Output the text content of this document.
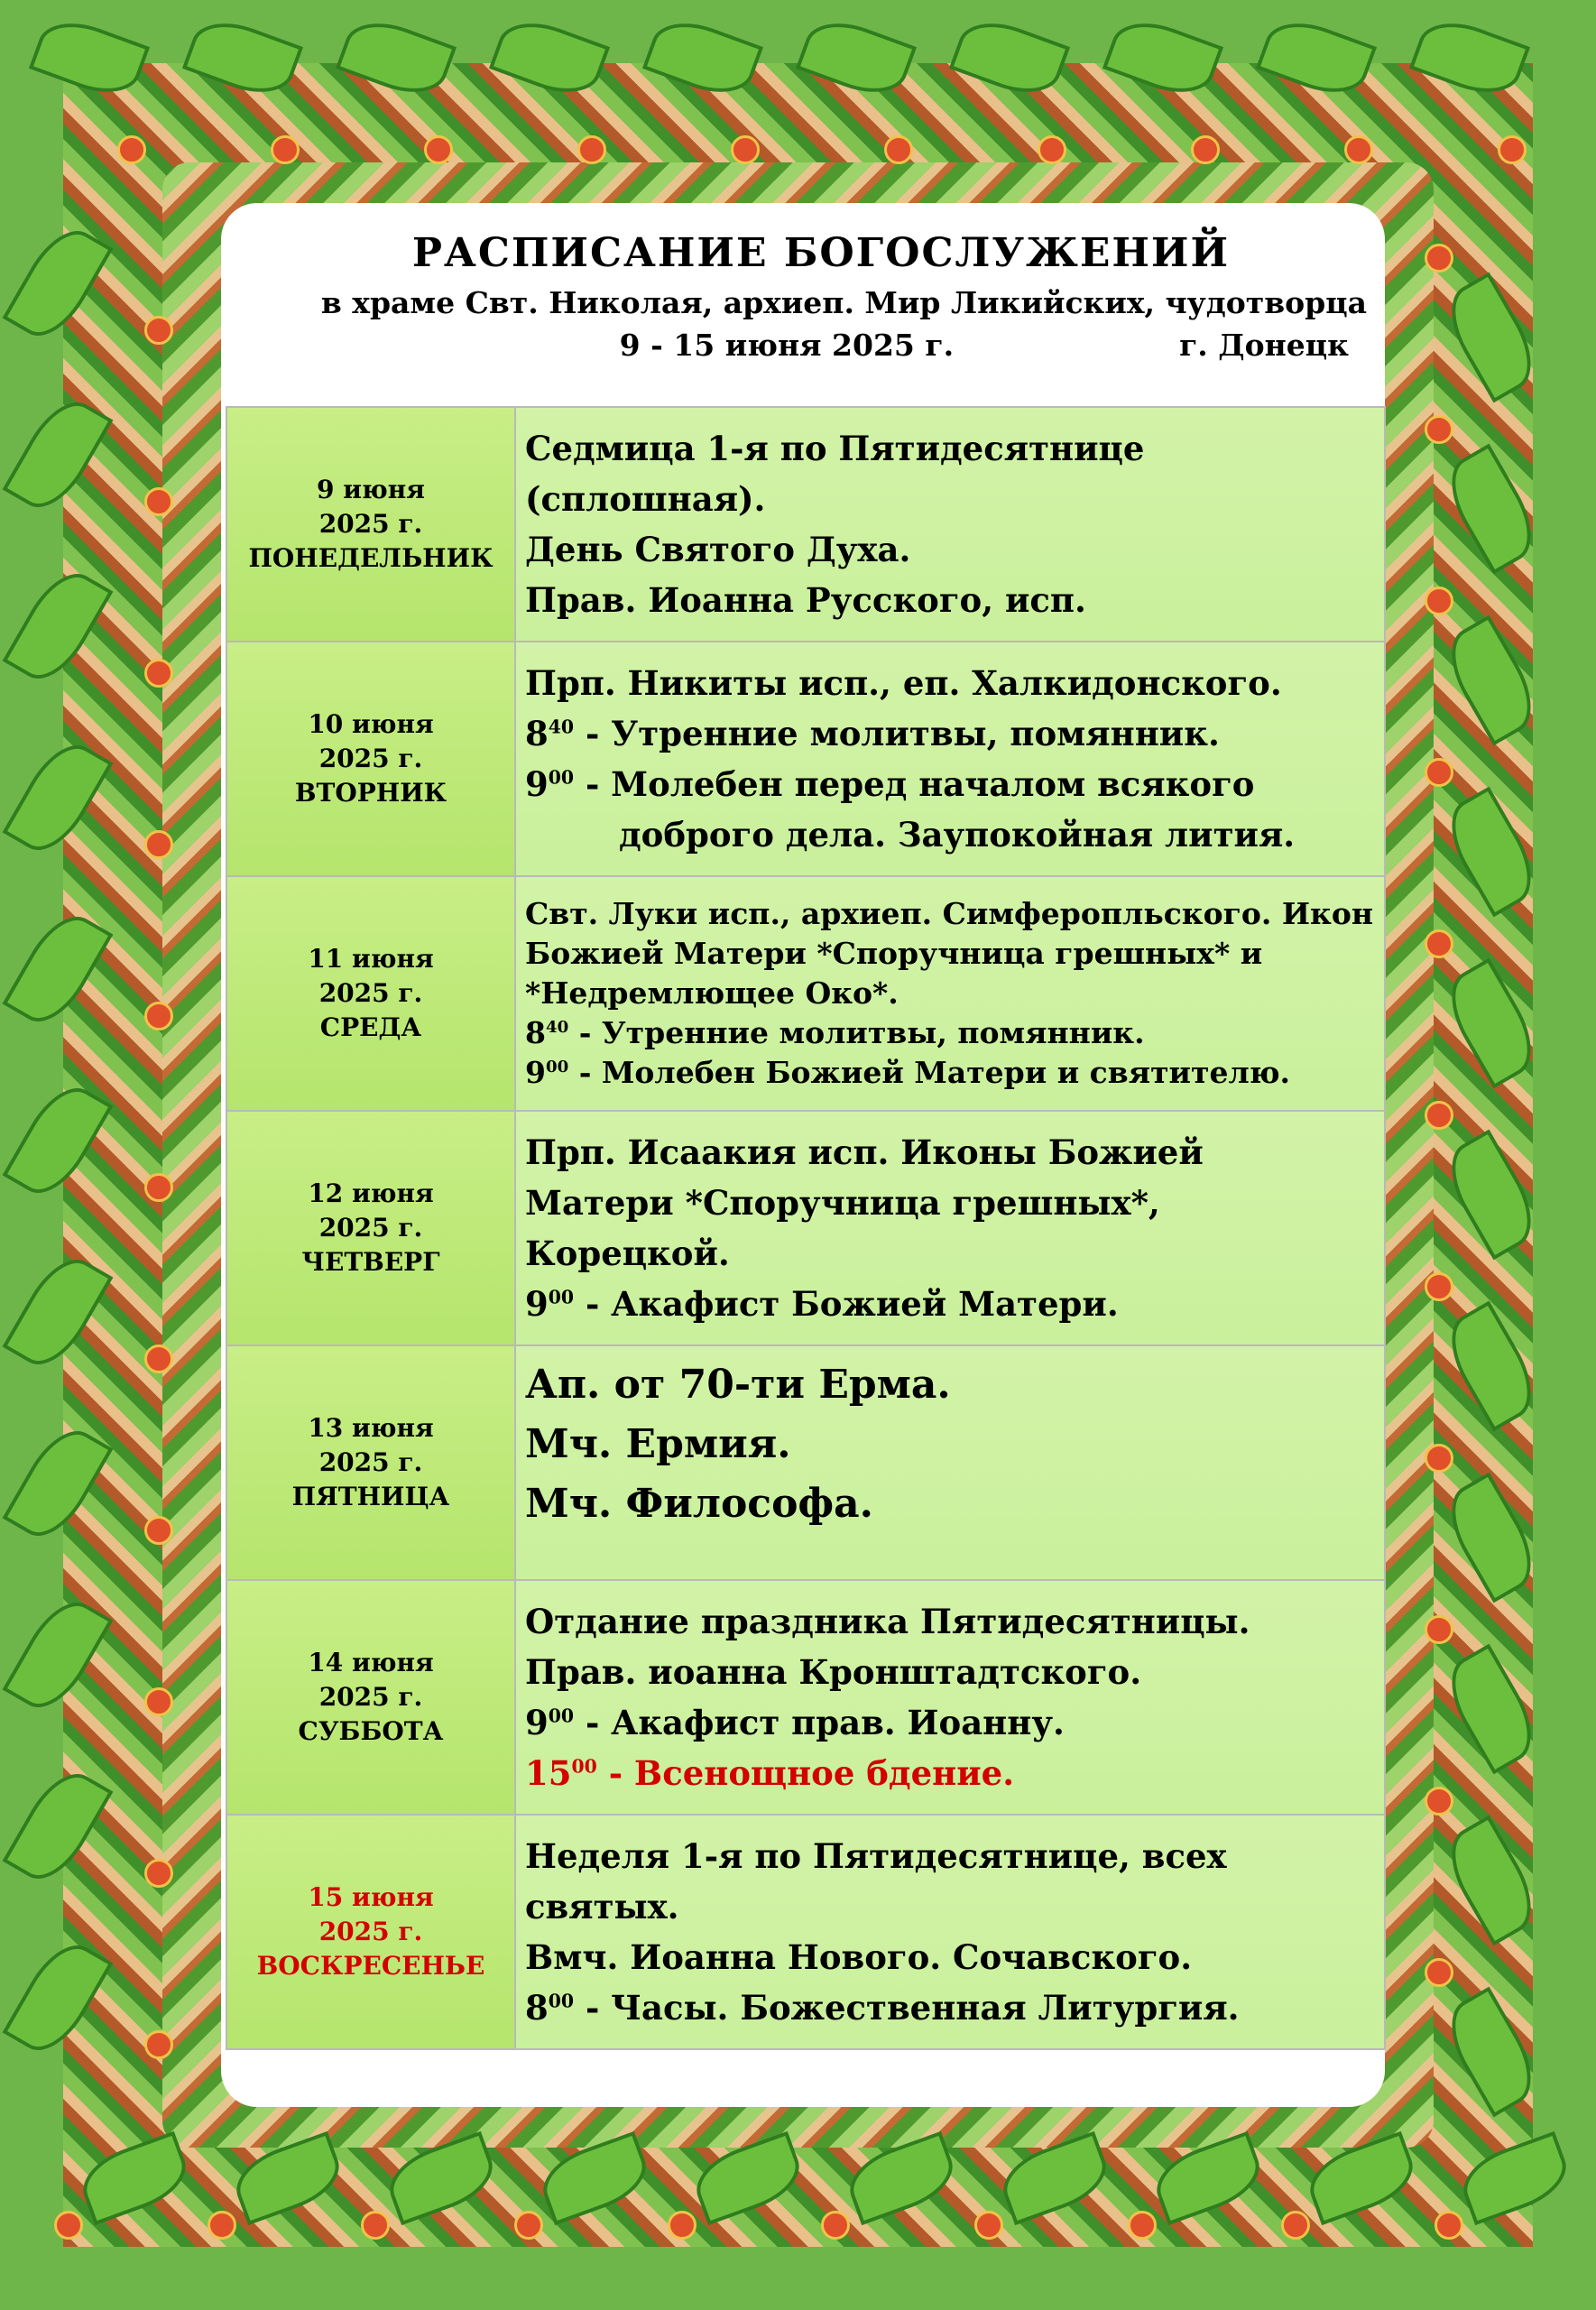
РАСПИСАНИЕ БОГОСЛУЖЕНИЙ
в храме Свт. Николая, архиеп. Мир Ликийских, чудотворца
9 - 15 июня 2025 г.	г. Донецк
9 июня
2025 г.
ПОНЕДЕЛЬНИК	Седмица 1-я по Пятидесятнице
(сплошная).
День Святого Духа.
Прав. Иоанна Русского, исп.

10 июня
2025 г.
ВТОРНИК	Прп. Никиты исп., еп. Халкидонского.
$8^{40}$ - Утренние молитвы, помянник.
$9^{00}$ - Молебен перед началом всякого
доброго дела. Заупокойная лития.

11 июня
2025 г.
СРЕДА	Свт. Луки исп., архиеп. Симферопльского. Икон
Божией Матери *Споручница грешных* и
*Недремлющее Око*.
$8^{40}$ - Утренние молитвы, помянник.
$9^{00}$ - Молебен Божией Матери и святителю.

12 июня
2025 г.
ЧЕТВЕРГ	Прп. Исаакия исп. Иконы Божией
Матери *Споручница грешных*,
Корецкой.
$9^{00}$ - Акафист Божией Матери.

13 июня
2025 г.
ПЯТНИЦА	Ап. от 70-ти Ерма.
Мч. Ермия.
Мч. Философа.

14 июня
2025 г.
СУББОТА	Отдание праздника Пятидесятницы.
Прав. иоанна Кронштадтского.
$9^{00}$ - Акафист прав. Иоанну.
$15^{00}$ - Всенощное бдение.

15 июня
2025 г.
ВОСКРЕСЕНЬЕ	Неделя 1-я по Пятидесятнице, всех
святых.
Вмч. Иоанна Нового. Сочавского.
$8^{00}$ - Часы. Божественная Литургия.
